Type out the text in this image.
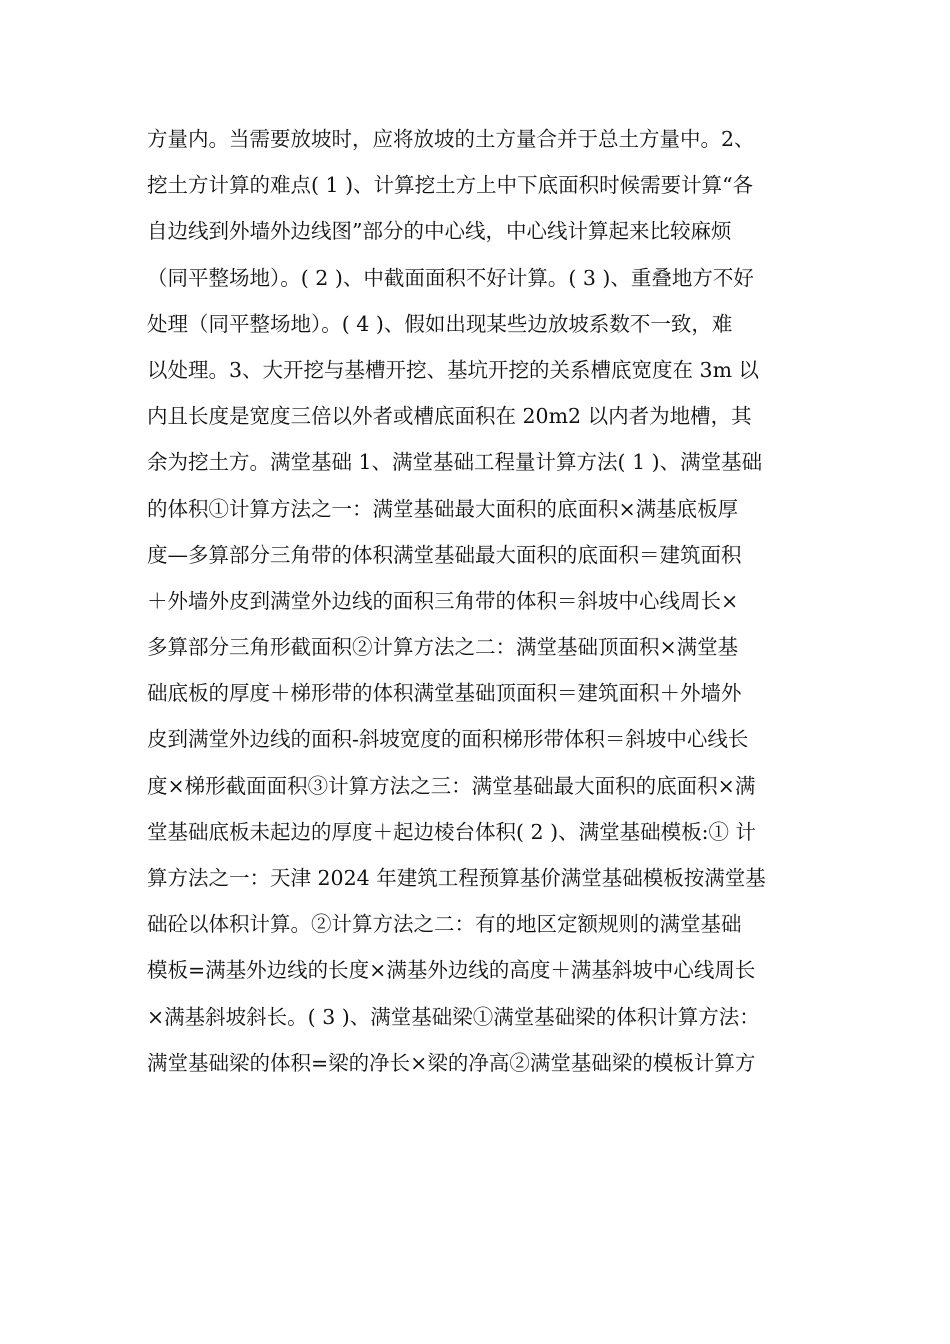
方量内。当需要放坡时，应将放坡的土方量合并于总土方量中。2、
挖土方计算的难点( 1 )、计算挖土方上中下底面积时候需要计算“各
自边线到外墙外边线图”部分的中心线，中心线计算起来比较麻烦
（同平整场地）。( 2 )、中截面面积不好计算。( 3 )、重叠地方不好
处理（同平整场地）。( 4 )、假如出现某些边放坡系数不一致，难
以处理。3、大开挖与基槽开挖、基坑开挖的关系槽底宽度在 3m 以
内且长度是宽度三倍以外者或槽底面积在 20m2 以内者为地槽，其
余为挖土方。满堂基础 1、满堂基础工程量计算方法( 1 )、满堂基础
的体积①计算方法之一：满堂基础最大面积的底面积×满基底板厚
度—多算部分三角带的体积满堂基础最大面积的底面积＝建筑面积
＋外墙外皮到满堂外边线的面积三角带的体积＝斜坡中心线周长×
多算部分三角形截面积②计算方法之二：满堂基础顶面积×满堂基
础底板的厚度＋梯形带的体积满堂基础顶面积＝建筑面积＋外墙外
皮到满堂外边线的面积-斜坡宽度的面积梯形带体积＝斜坡中心线长
度×梯形截面面积③计算方法之三：满堂基础最大面积的底面积×满
堂基础底板未起边的厚度＋起边棱台体积( 2 )、满堂基础模板:① 计
算方法之一：天津 2024 年建筑工程预算基价满堂基础模板按满堂基
础砼以体积计算。②计算方法之二：有的地区定额规则的满堂基础
模板=满基外边线的长度×满基外边线的高度＋满基斜坡中心线周长
×满基斜坡斜长。( 3 )、满堂基础梁①满堂基础梁的体积计算方法：
满堂基础梁的体积=梁的净长×梁的净高②满堂基础梁的模板计算方
